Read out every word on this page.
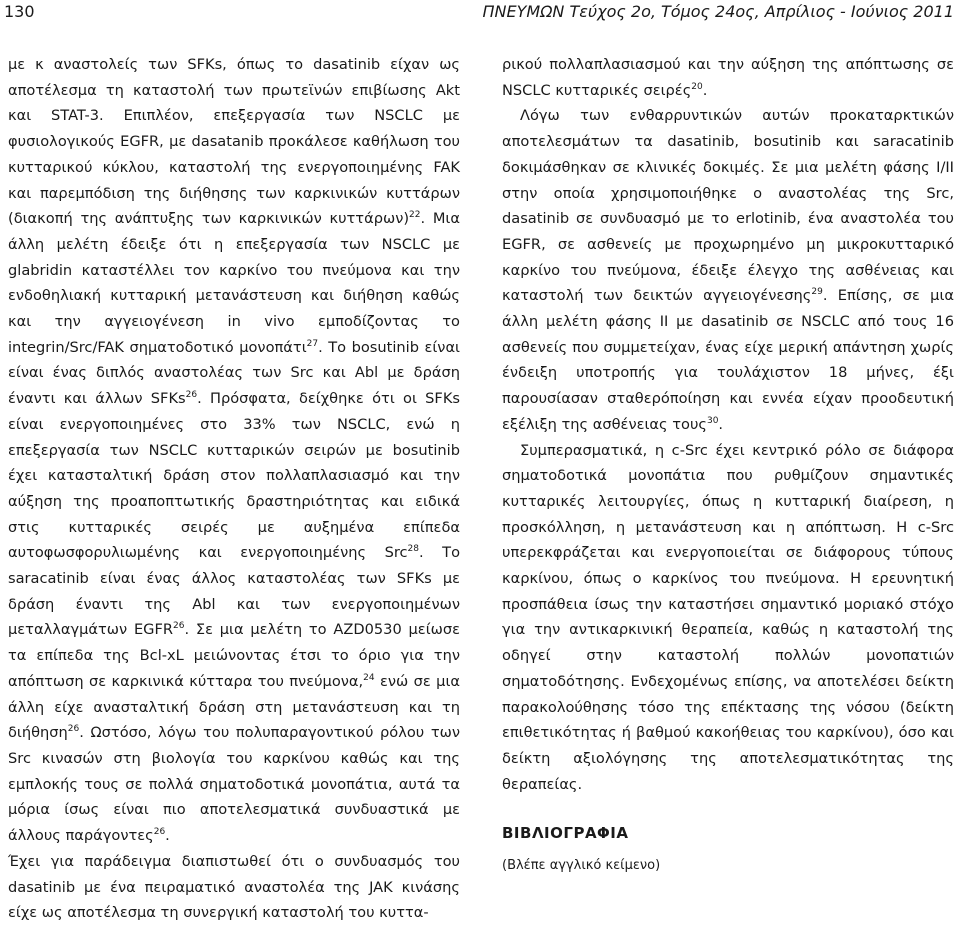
130	ΠΝΕΥΜΩΝ Τεύχος 2ο, Τόμος 24ος, Απρίλιος - Ιούνιος 2011

με κ αναστολείς των SFKs, όπως το dasatinib είχαν ως αποτέλεσμα τη καταστολή των πρωτεϊνών επιβίωσης Akt και STAT-3. Επιπλέον, επεξεργασία των NSCLC με φυσιολογικούς EGFR, με dasatanib προκάλεσε καθήλωση του κυτταρικού κύκλου, καταστολή της ενεργοποιημένης FAK και παρεμπόδιση της διήθησης των καρκινικών κυττάρων (διακοπή της ανάπτυξης των καρκινικών κυττάρων)$^{22}$. Μια άλλη μελέτη έδειξε ότι η επεξεργασία των NSCLC με glabridin καταστέλλει τον καρκίνο του πνεύμονα και την ενδοθηλιακή κυτταρική μετανάστευση και διήθηση καθώς και την αγγειογένεση in vivo εμποδίζοντας το integrin/Src/FAK σηματοδοτικό μονοπάτι$^{27}$. Το bosutinib είναι είναι ένας διπλός αναστολέας των Src και Abl με δράση έναντι και άλλων SFKs$^{26}$. Πρόσφατα, δείχθηκε ότι οι SFKs είναι ενεργοποιημένες στο 33% των NSCLC, ενώ η επεξεργασία των NSCLC κυτταρικών σειρών με bosutinib έχει κατασταλτική δράση στον πολλαπλασιασμό και την αύξηση της προαποπτωτικής δραστηριότητας και ειδικά στις κυτταρικές σειρές με αυξημένα επίπεδα αυτοφωσφορυλιωμένης και ενεργοποιημένης Src$^{28}$. Το saracatinib είναι ένας άλλος καταστολέας των SFKs με δράση έναντι της Abl και των ενεργοποιημένων μεταλλαγμάτων EGFR$^{26}$. Σε μια μελέτη το AZD0530 μείωσε τα επίπεδα της Bcl-xL μειώνοντας έτσι το όριο για την απόπτωση σε καρκινικά κύτταρα του πνεύμονα,$^{24}$ ενώ σε μια άλλη είχε ανασταλτική δράση στη μετανάστευση και τη διήθηση$^{26}$. Ωστόσο, λόγω του πολυπαραγοντικού ρόλου των Src κινασών στη βιολογία του καρκίνου καθώς και της εμπλοκής τους σε πολλά σηματοδοτικά μονοπάτια, αυτά τα μόρια ίσως είναι πιο αποτελεσματικά συνδυαστικά με άλλους παράγοντες$^{26}$.

Έχει για παράδειγμα διαπιστωθεί ότι ο συνδυασμός του dasatinib με ένα πειραματικό αναστολέα της JAK κινάσης είχε ως αποτέλεσμα τη συνεργική καταστολή του κυττα-

ρικού πολλαπλασιασμού και την αύξηση της απόπτωσης σε NSCLC κυτταρικές σειρές$^{20}$.

Λόγω των ενθαρρυντικών αυτών προκαταρκτικών αποτελεσμάτων τα dasatinib, bosutinib και saracatinib δοκιμάσθηκαν σε κλινικές δοκιμές. Σε μια μελέτη φάσης I/II στην οποία χρησιμοποιήθηκε ο αναστολέας της Src, dasatinib σε συνδυασμό με το erlotinib, ένα αναστολέα του EGFR, σε ασθενείς με προχωρημένο μη μικροκυτταρικό καρκίνο του πνεύμονα, έδειξε έλεγχο της ασθένειας και καταστολή των δεικτών αγγειογένεσης$^{29}$. Επίσης, σε μια άλλη μελέτη φάσης II με dasatinib σε NSCLC από τους 16 ασθενείς που συμμετείχαν, ένας είχε μερική απάντηση χωρίς ένδειξη υποτροπής για τουλάχιστον 18 μήνες, έξι παρουσίασαν σταθερόποίηση και εννέα είχαν προοδευτική εξέλιξη της ασθένειας τους$^{30}$.

Συμπερασματικά, η c-Src έχει κεντρικό ρόλο σε διάφορα σηματοδοτικά μονοπάτια που ρυθμίζουν σημαντικές κυτταρικές λειτουργίες, όπως η κυτταρική διαίρεση, η προσκόλληση, η μετανάστευση και η απόπτωση. Η c-Src υπερεκφράζεται και ενεργοποιείται σε διάφορους τύπους καρκίνου, όπως ο καρκίνος του πνεύμονα. Η ερευνητική προσπάθεια ίσως την καταστήσει σημαντικό μοριακό στόχο για την αντικαρκινική θεραπεία, καθώς η καταστολή της οδηγεί στην καταστολή πολλών μονοπατιών σηματοδότησης. Ενδεχομένως επίσης, να αποτελέσει δείκτη παρακολούθησης τόσο της επέκτασης της νόσου (δείκτη επιθετικότητας ή βαθμού κακοήθειας του καρκίνου), όσο και δείκτη αξιολόγησης της αποτελεσματικότητας της θεραπείας.

ΒΙΒΛΙΟΓΡΑΦΙΑ

(Βλέπε αγγλικό κείμενο)
